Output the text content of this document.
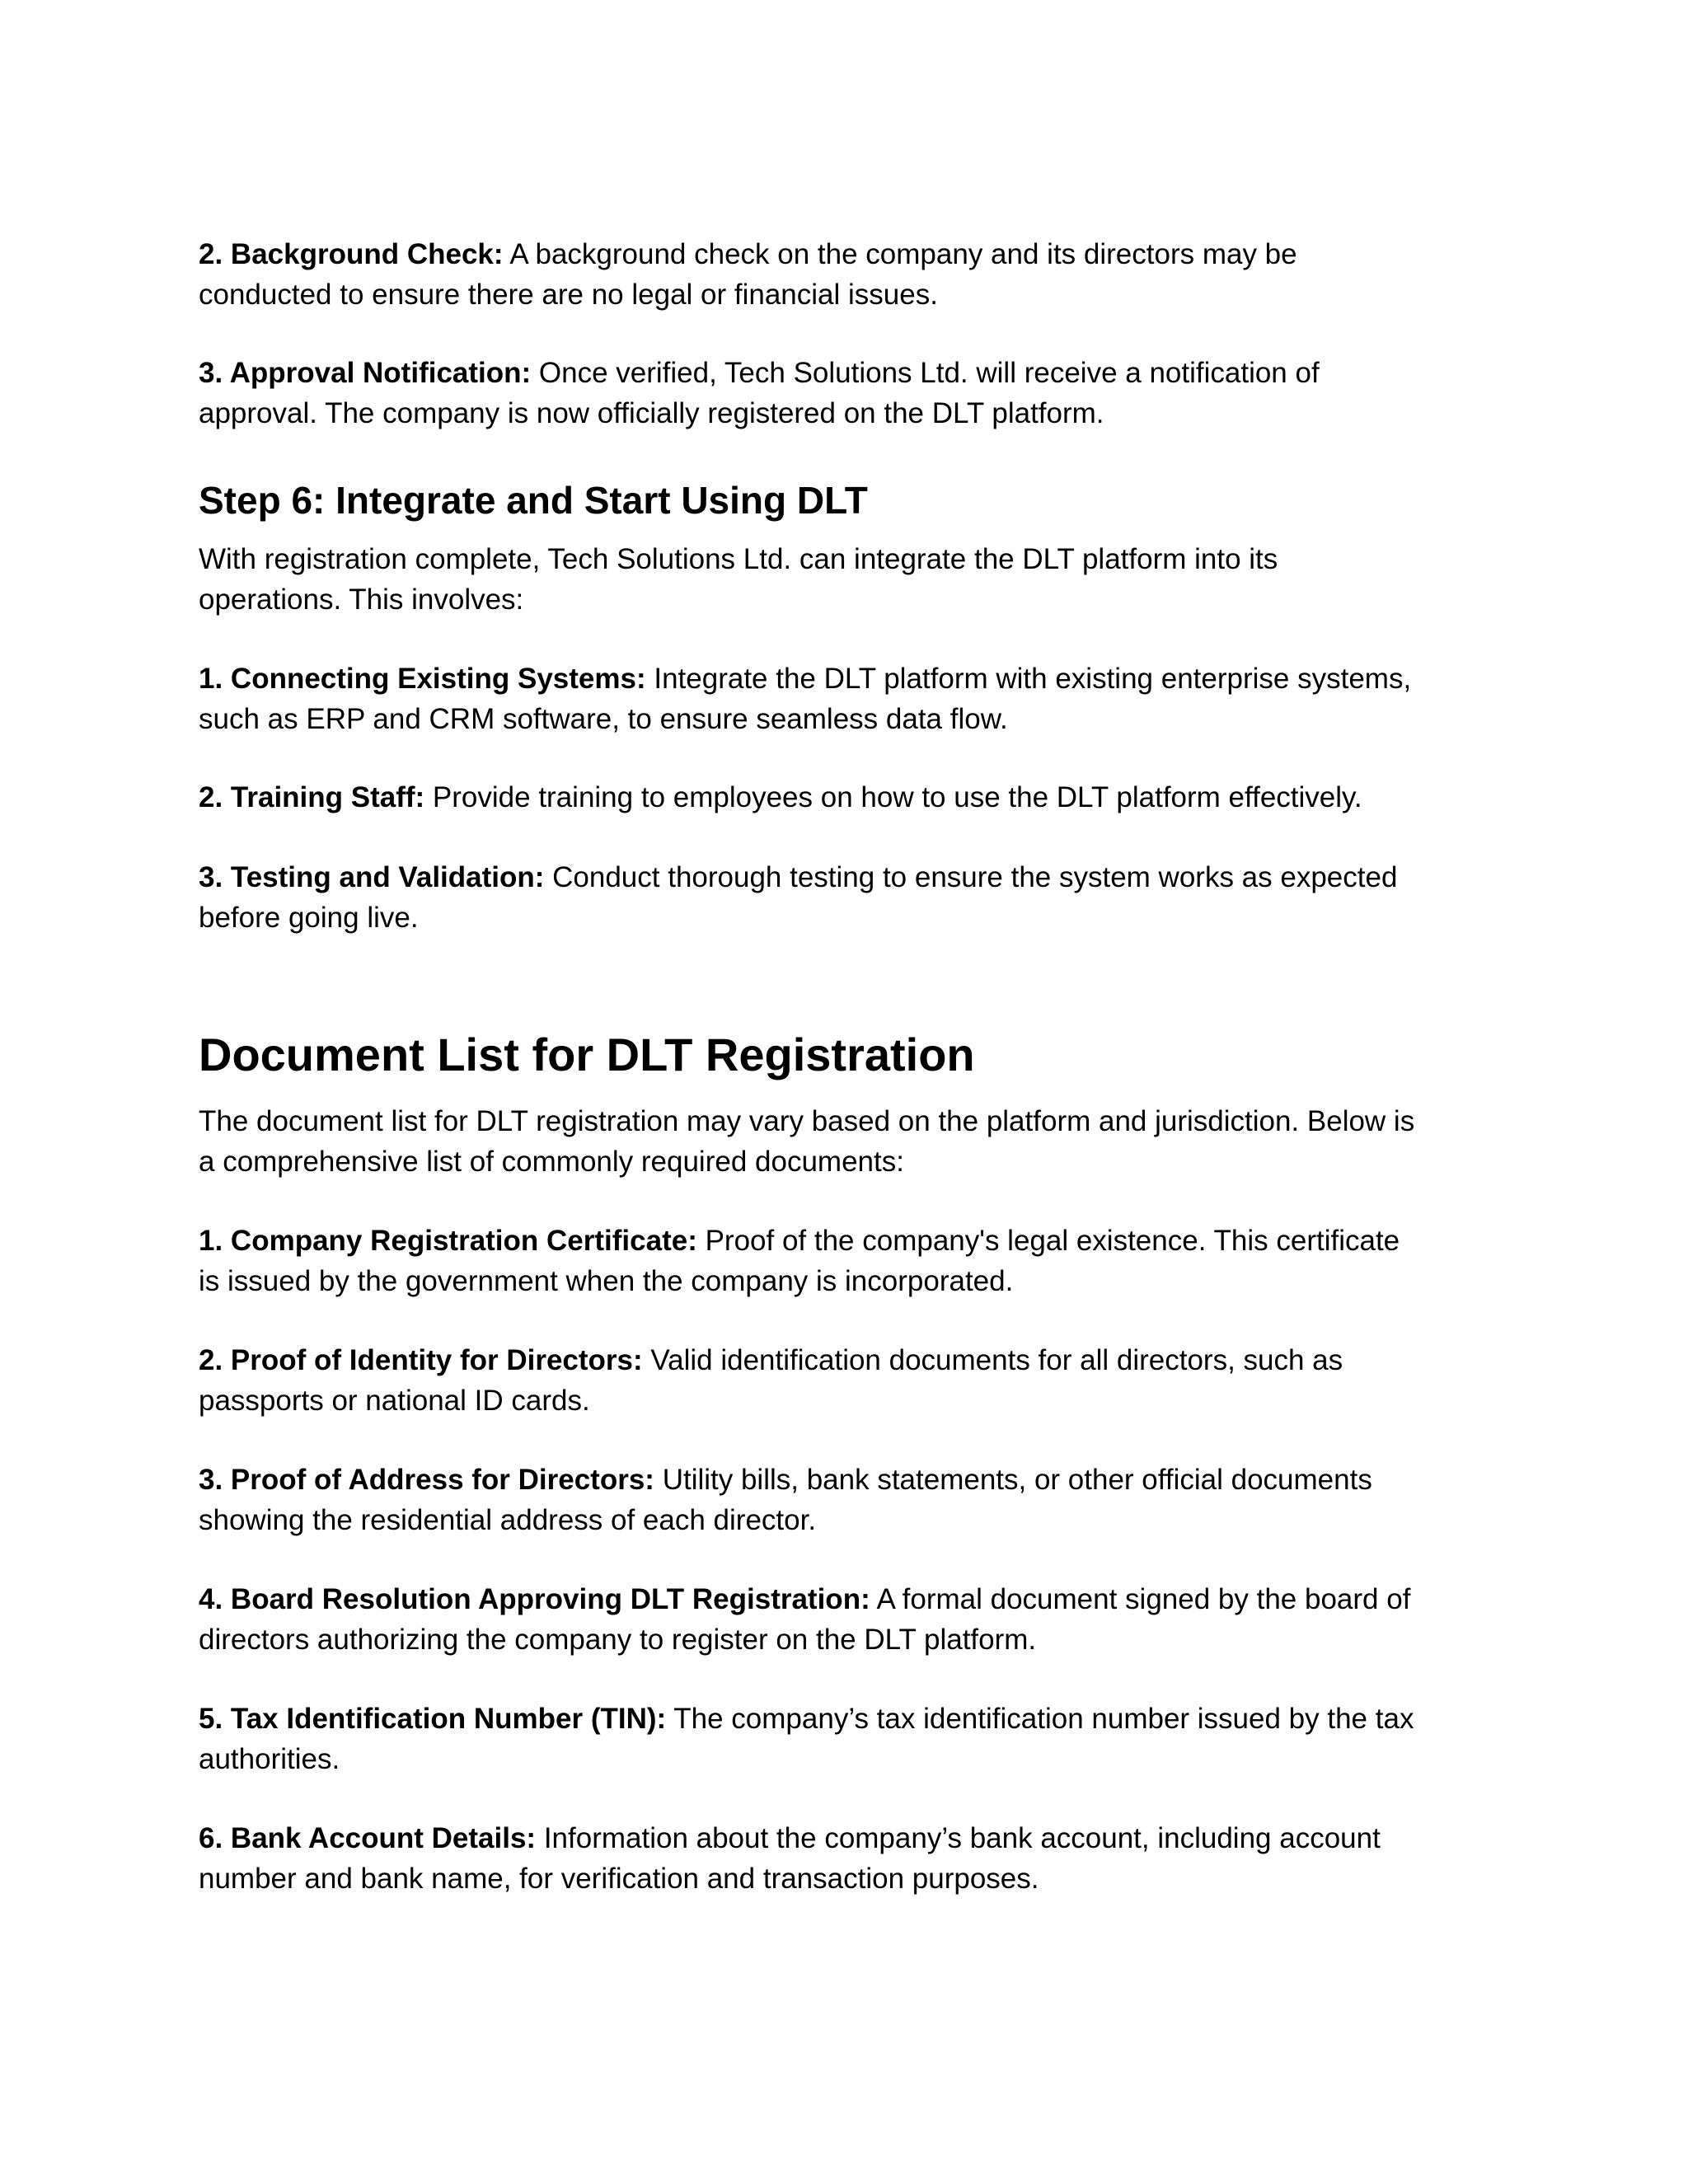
2. Background Check: A background check on the company and its directors may be
conducted to ensure there are no legal or financial issues.

3. Approval Notification: Once verified, Tech Solutions Ltd. will receive a notification of
approval. The company is now officially registered on the DLT platform.

Step 6: Integrate and Start Using DLT

With registration complete, Tech Solutions Ltd. can integrate the DLT platform into its
operations. This involves:

1. Connecting Existing Systems: Integrate the DLT platform with existing enterprise systems,
such as ERP and CRM software, to ensure seamless data flow.

2. Training Staff: Provide training to employees on how to use the DLT platform effectively.

3. Testing and Validation: Conduct thorough testing to ensure the system works as expected
before going live.

Document List for DLT Registration

The document list for DLT registration may vary based on the platform and jurisdiction. Below is
a comprehensive list of commonly required documents:

1. Company Registration Certificate: Proof of the company's legal existence. This certificate
is issued by the government when the company is incorporated.

2. Proof of Identity for Directors: Valid identification documents for all directors, such as
passports or national ID cards.

3. Proof of Address for Directors: Utility bills, bank statements, or other official documents
showing the residential address of each director.

4. Board Resolution Approving DLT Registration: A formal document signed by the board of
directors authorizing the company to register on the DLT platform.

5. Tax Identification Number (TIN): The company’s tax identification number issued by the tax
authorities.

6. Bank Account Details: Information about the company’s bank account, including account
number and bank name, for verification and transaction purposes.
